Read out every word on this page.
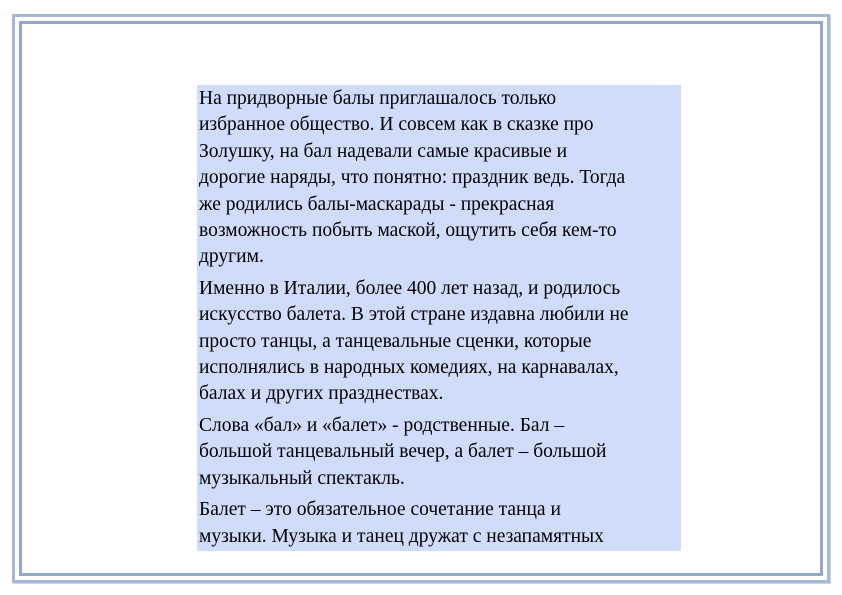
На придворные балы приглашалось только
избранное общество. И совсем как в сказке про
Золушку, на бал надевали самые красивые и
дорогие наряды, что понятно: праздник ведь. Тогда
же родились балы-маскарады - прекрасная
возможность побыть маской, ощутить себя кем-то
другим.

Именно в Италии, более 400 лет назад, и родилось
искусство балета. В этой стране издавна любили не
просто танцы, а танцевальные сценки, которые
исполнялись в народных комедиях, на карнавалах,
балах и других празднествах.

Слова «бал» и «балет» - родственные. Бал –
большой танцевальный вечер, а балет – большой
музыкальный спектакль.

Балет – это обязательное сочетание танца и
музыки. Музыка и танец дружат с незапамятных
